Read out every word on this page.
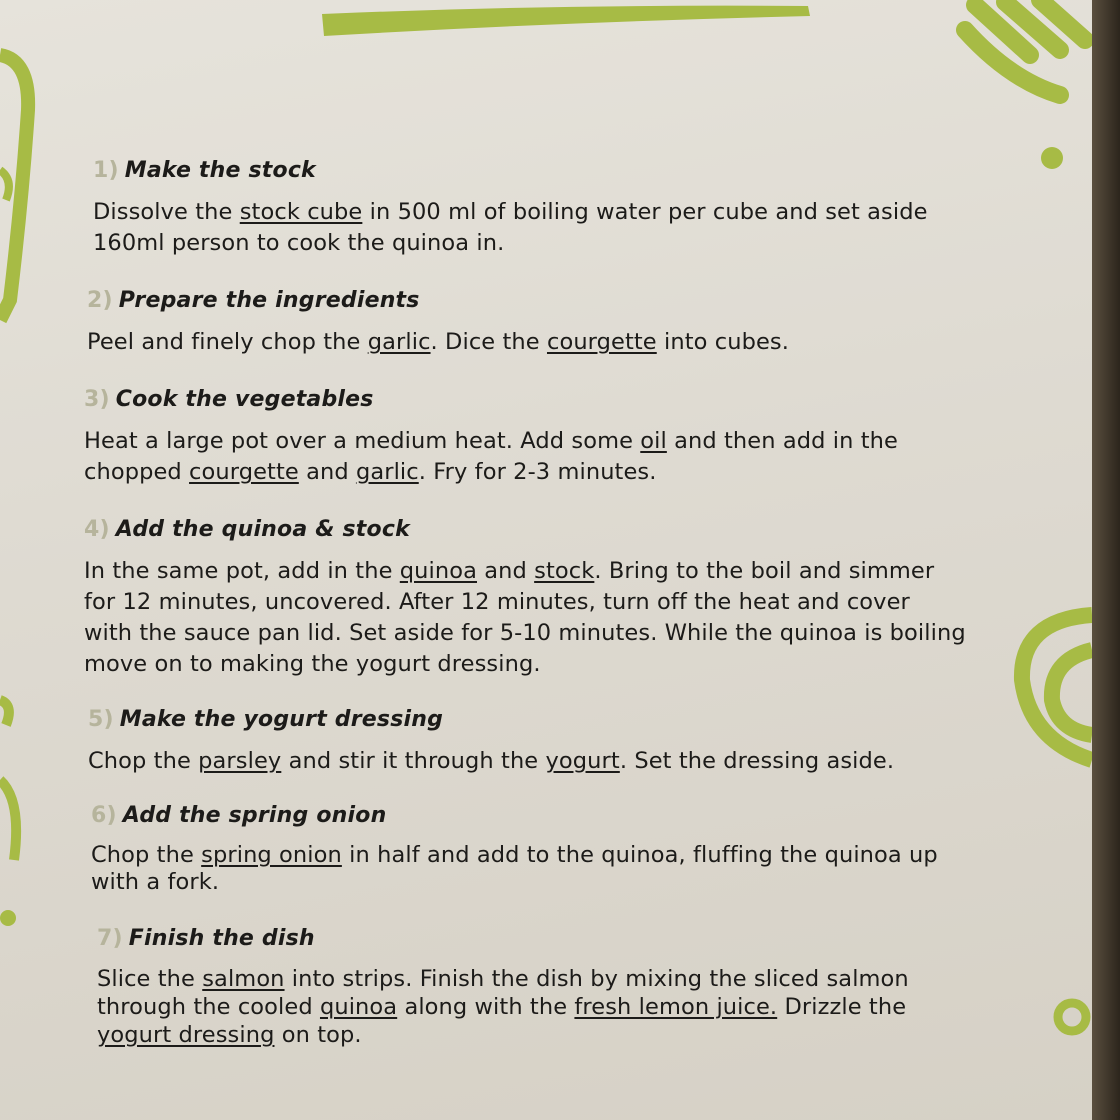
1) Make the stock
Dissolve the stock cube in 500 ml of boiling water per cube and set aside
160ml person to cook the quinoa in.
2) Prepare the ingredients
Peel and finely chop the garlic. Dice the courgette into cubes.
3) Cook the vegetables
Heat a large pot over a medium heat. Add some oil and then add in the
chopped courgette and garlic. Fry for 2-3 minutes.
4) Add the quinoa & stock
In the same pot, add in the quinoa and stock. Bring to the boil and simmer
for 12 minutes, uncovered. After 12 minutes, turn off the heat and cover
with the sauce pan lid. Set aside for 5-10 minutes. While the quinoa is boiling
move on to making the yogurt dressing.
5) Make the yogurt dressing
Chop the parsley and stir it through the yogurt. Set the dressing aside.
6) Add the spring onion
Chop the spring onion in half and add to the quinoa, fluffing the quinoa up
with a fork.
7) Finish the dish
Slice the salmon into strips. Finish the dish by mixing the sliced salmon
through the cooled quinoa along with the fresh lemon juice. Drizzle the
yogurt dressing on top.
